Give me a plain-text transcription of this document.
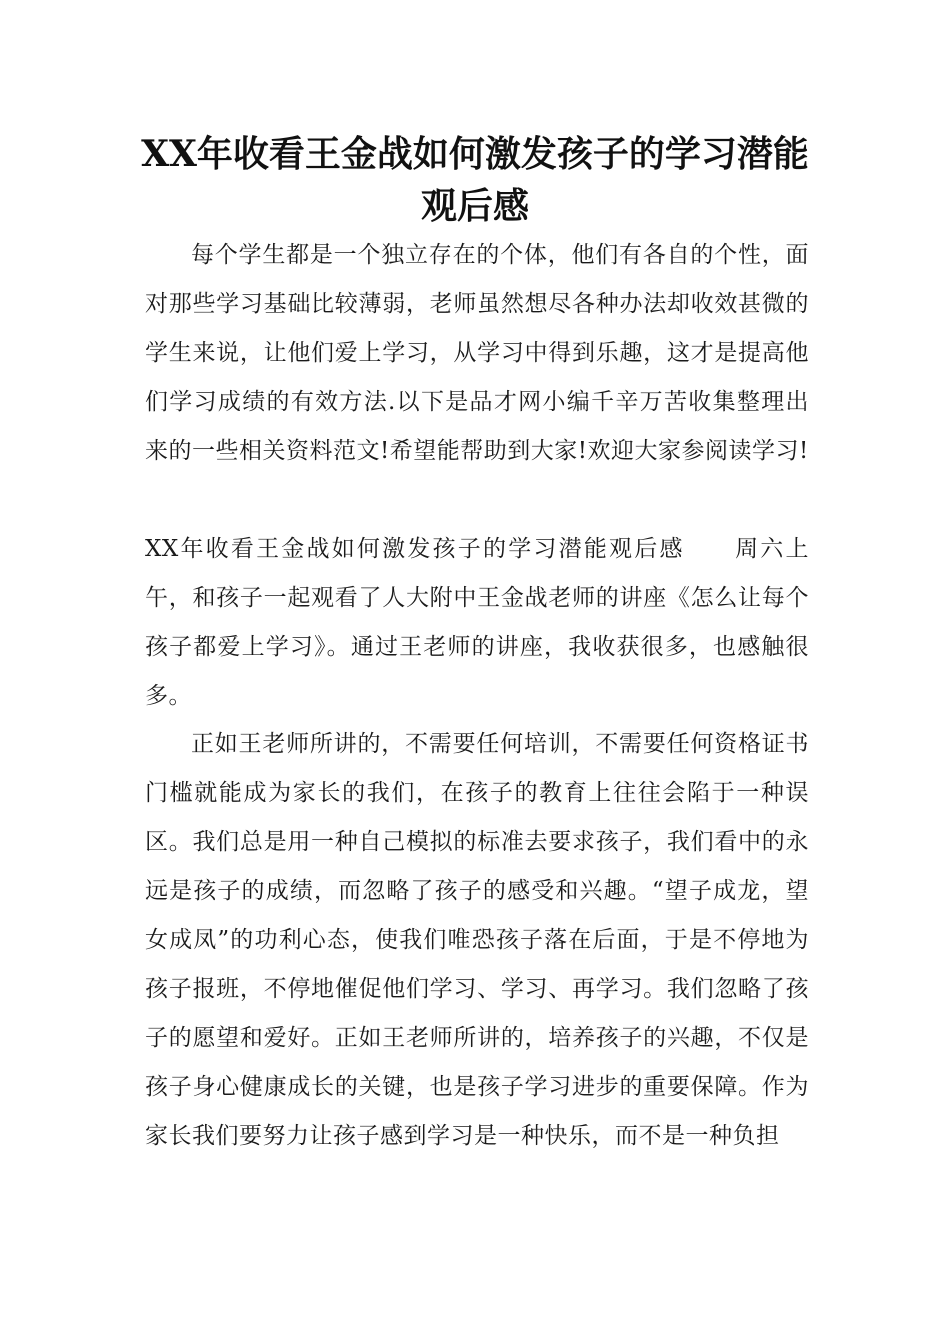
XX年收看王金战如何激发孩子的学习潜能观后感

每个学生都是一个独立存在的个体，他们有各自的个性，面对那些学习基础比较薄弱，老师虽然想尽各种办法却收效甚微的学生来说，让他们爱上学习，从学习中得到乐趣，这才是提高他们学习成绩的有效方法.以下是品才网小编千辛万苦收集整理出来的一些相关资料范文!希望能帮助到大家!欢迎大家参阅读学习!

XX年收看王金战如何激发孩子的学习潜能观后感　　周六上午，和孩子一起观看了人大附中王金战老师的讲座《怎么让每个孩子都爱上学习》。通过王老师的讲座，我收获很多，也感触很多。

正如王老师所讲的，不需要任何培训，不需要任何资格证书门槛就能成为家长的我们，在孩子的教育上往往会陷于一种误区。我们总是用一种自己模拟的标准去要求孩子，我们看中的永远是孩子的成绩，而忽略了孩子的感受和兴趣。“望子成龙，望女成凤”的功利心态，使我们唯恐孩子落在后面，于是不停地为孩子报班，不停地催促他们学习、学习、再学习。我们忽略了孩子的愿望和爱好。正如王老师所讲的，培养孩子的兴趣，不仅是孩子身心健康成长的关键，也是孩子学习进步的重要保障。作为家长我们要努力让孩子感到学习是一种快乐，而不是一种负担
